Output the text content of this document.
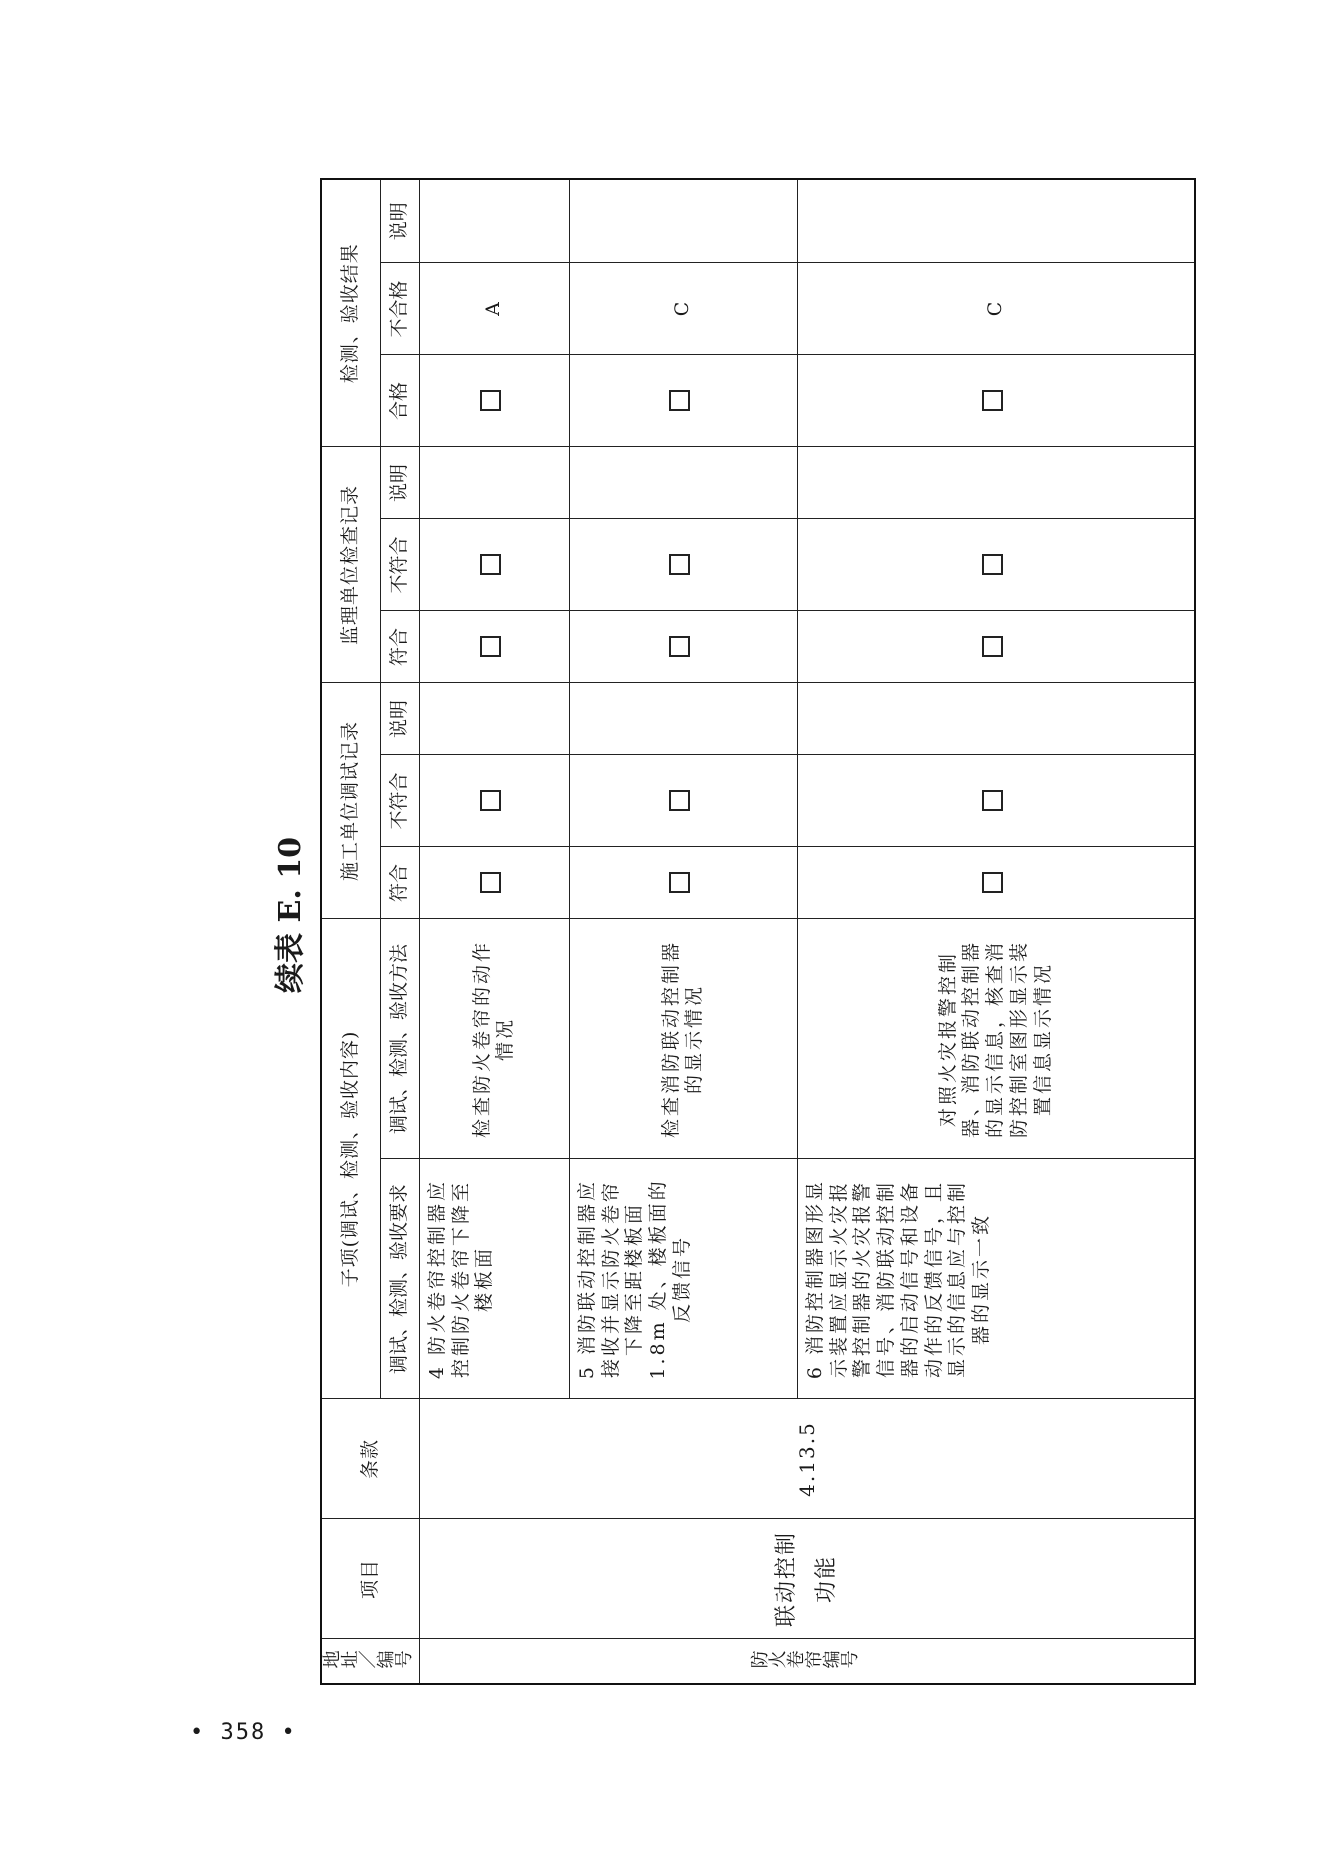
续表 E. 10
地址／编号	项目	条款	子项(调试、检测、验收内容)		施工单位调试记录			监理单位检查记录			检测、验收结果		
			调试、检测、验收要求	调试、检测、验收方法	符合	不符合	说明	符合	不符合	说明	合格	不合格	说明
防火卷帘编号	联动控制功能	4.13.5	4 防火卷帘控制器应控制防火卷帘下降至楼板面	检查防火卷帘的动作情况								A	
			5 消防联动控制器应接收并显示防火卷帘下降至距楼板面 1.8m 处、楼板面的反馈信号	检查消防联动控制器的显示情况								C	
			6 消防控制器图形显示装置应显示火灾报警控制器的火灾报警信号、消防联动控制器的启动信号和设备动作的反馈信号，且显示的信息应与控制器的显示一致	对照火灾报警控制器、消防联动控制器的显示信息，核查消防控制室图形显示装置信息显示情况								C	
• 358 •
